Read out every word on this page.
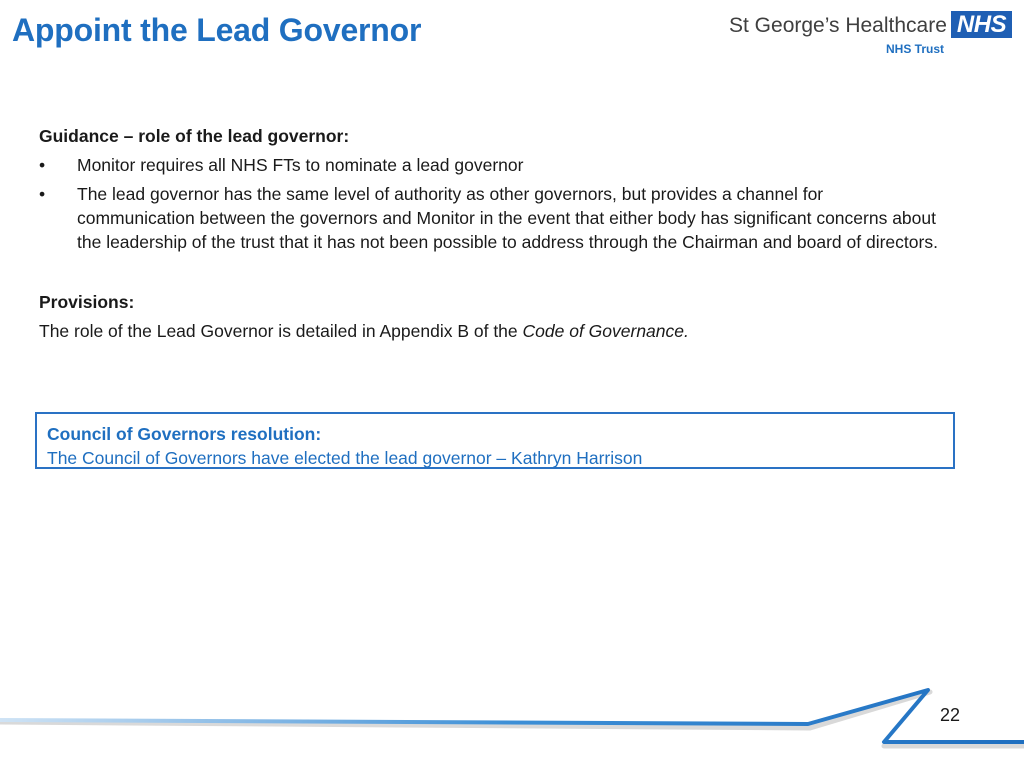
Appoint the Lead Governor	St George’s Healthcare
NHS Trust
NHS
Guidance – role of the lead governor:
• Monitor requires all NHS FTs to nominate a lead governor
• The lead governor has the same level of authority as other governors, but provides a channel for communication between the governors and Monitor in the event that either body has significant concerns about the leadership of the trust that it has not been possible to address through the Chairman and board of directors.
Provisions:
The role of the Lead Governor is detailed in Appendix B of the Code of Governance.
Council of Governors resolution:
The Council of Governors have elected the lead governor – Kathryn Harrison
22
